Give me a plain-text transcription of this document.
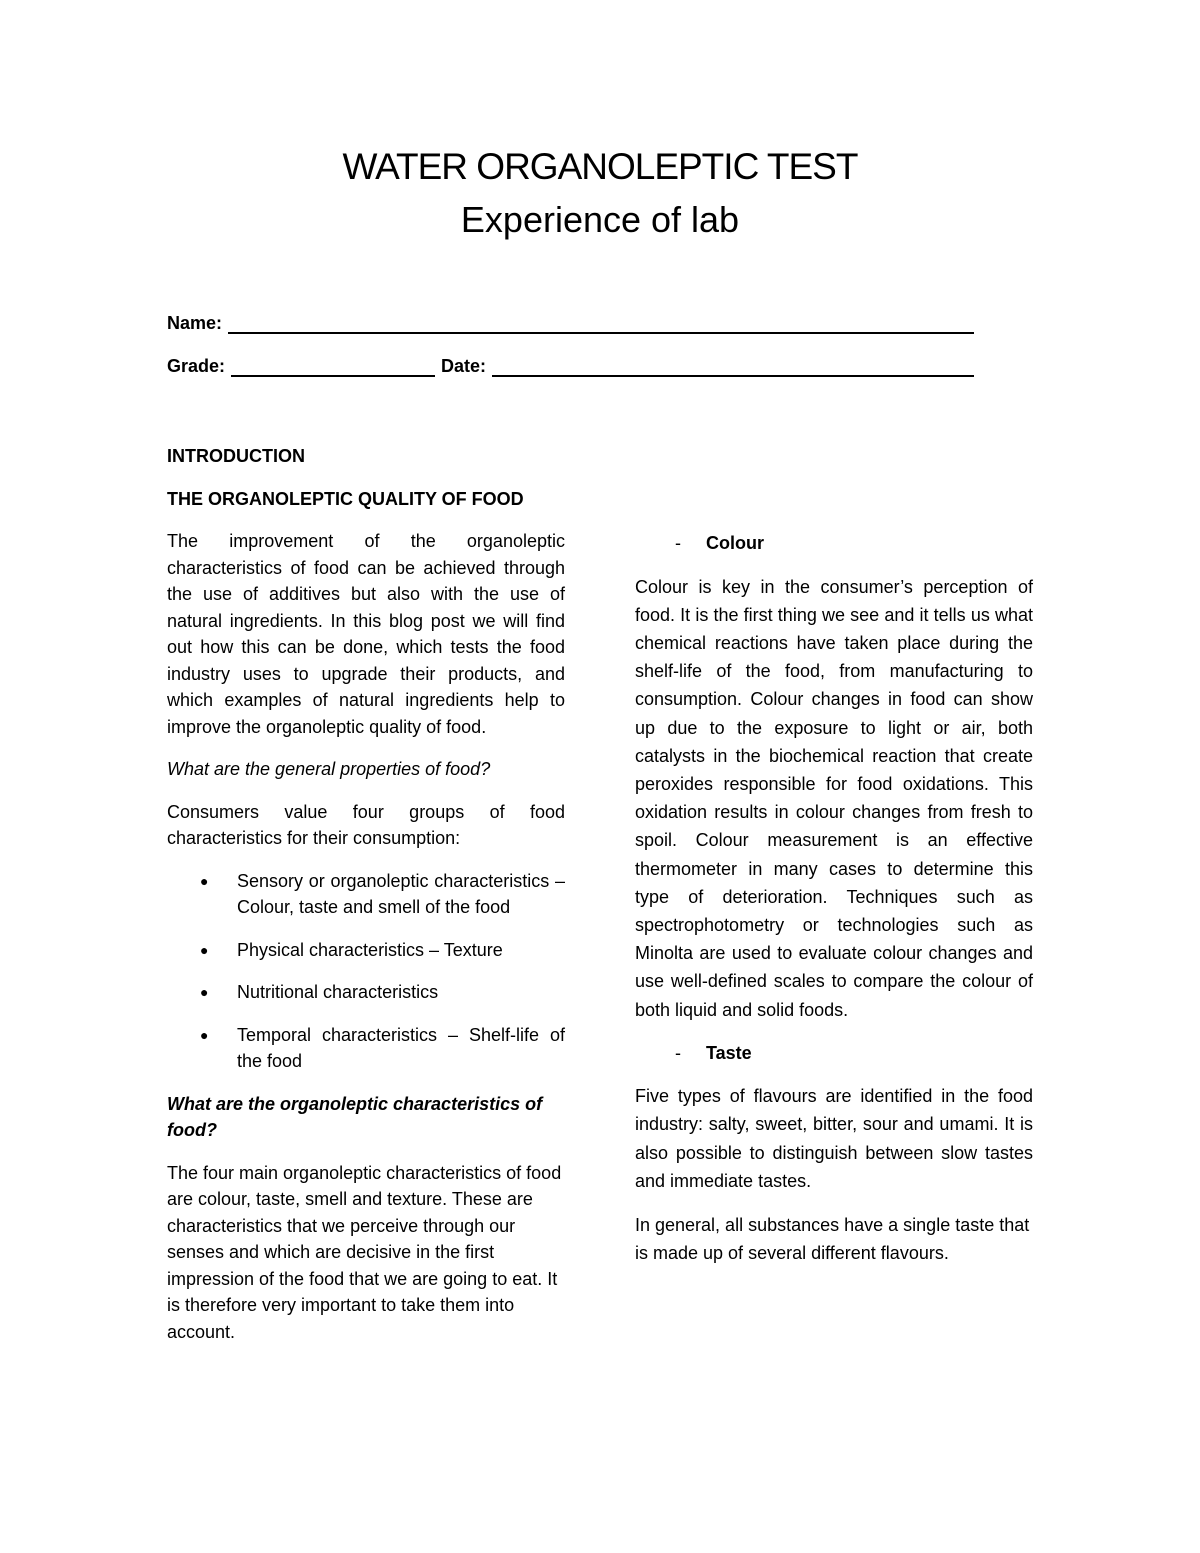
WATER ORGANOLEPTIC TEST
Experience of lab
Name:
Grade:	Date:
INTRODUCTION
THE ORGANOLEPTIC QUALITY OF FOOD

The improvement of the organoleptic characteristics of food can be achieved through the use of additives but also with the use of natural ingredients. In this blog post we will find out how this can be done, which tests the food industry uses to upgrade their products, and which examples of natural ingredients help to improve the organoleptic quality of food.

What are the general properties of food?

Consumers value four groups of food characteristics for their consumption:

● Sensory or organoleptic characteristics – Colour, taste and smell of the food
● Physical characteristics – Texture
● Nutritional characteristics
● Temporal characteristics – Shelf-life of the food

What are the organoleptic characteristics of food?

The four main organoleptic characteristics of food are colour, taste, smell and texture. These are characteristics that we perceive through our senses and which are decisive in the first impression of the food that we are going to eat. It is therefore very important to take them into account.

-	Colour

Colour is key in the consumer’s perception of food. It is the first thing we see and it tells us what chemical reactions have taken place during the shelf-life of the food, from manufacturing to consumption. Colour changes in food can show up due to the exposure to light or air, both catalysts in the biochemical reaction that create peroxides responsible for food oxidations. This oxidation results in colour changes from fresh to spoil. Colour measurement is an effective thermometer in many cases to determine this type of deterioration. Techniques such as spectrophotometry or technologies such as Minolta are used to evaluate colour changes and use well-defined scales to compare the colour of both liquid and solid foods.

-	Taste

Five types of flavours are identified in the food industry: salty, sweet, bitter, sour and umami. It is also possible to distinguish between slow tastes and immediate tastes.

In general, all substances have a single taste that is made up of several different flavours.
